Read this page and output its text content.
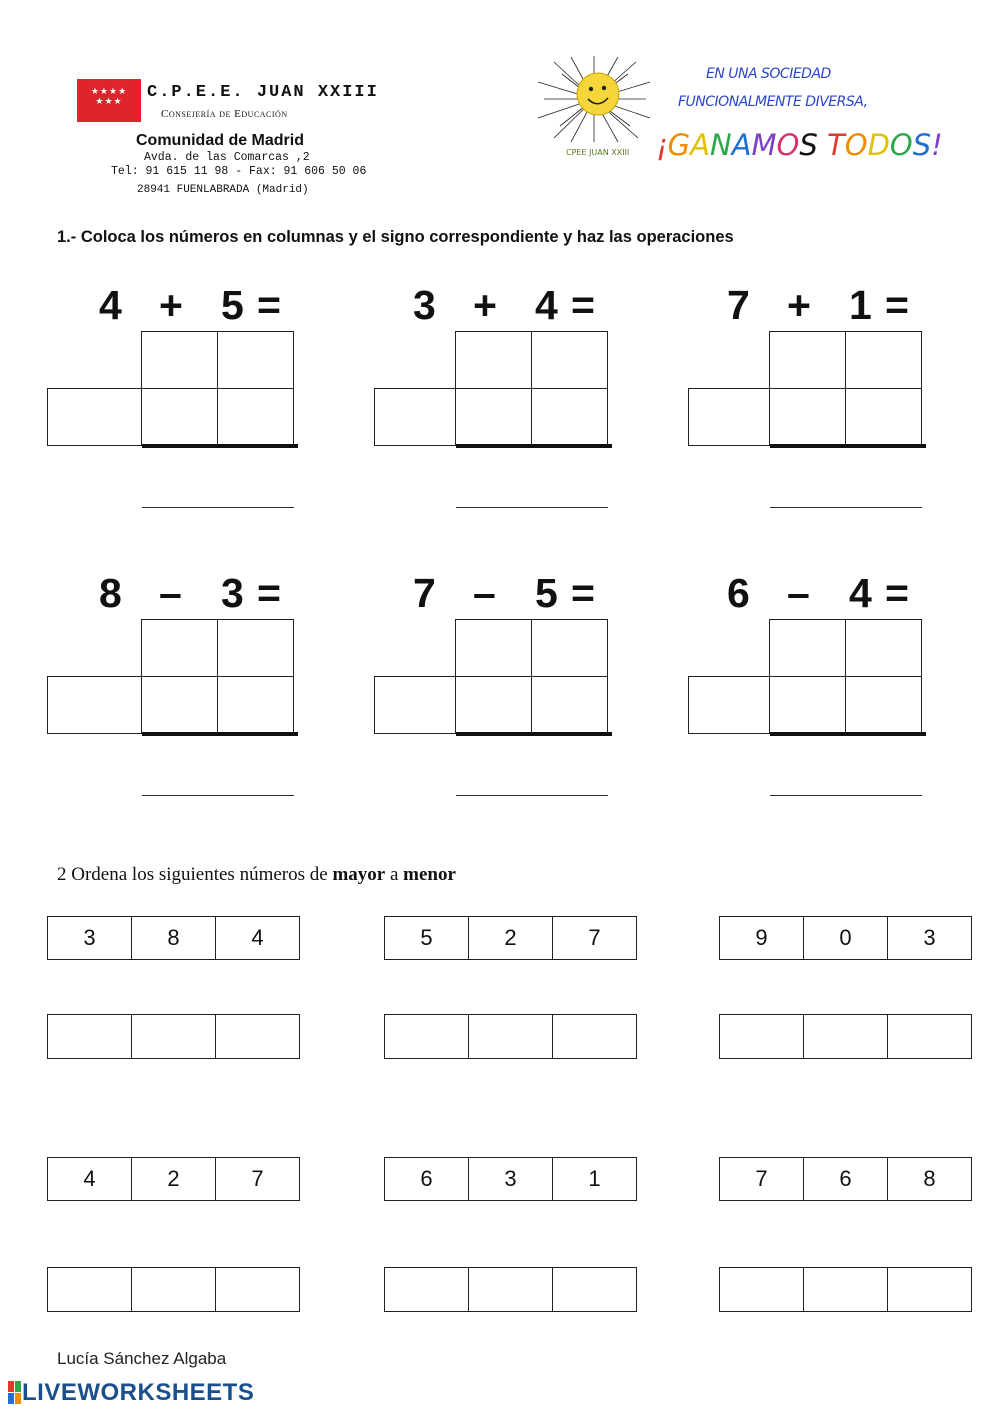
★★★★
★★★	C.P.E.E. JUAN XXIII
Consejería de Educación
Comunidad de Madrid
Avda. de las Comarcas ,2
Tel: 91 615 11 98 - Fax: 91 606 50 06
28941 FUENLABRADA (Madrid)
CPEE JUAN XXIII
EN UNA SOCIEDAD
FUNCIONALMENTE DIVERSA,
¡GANAMOS TODOS!
1.- Coloca los números en columnas y el signo correspondiente y haz las operaciones
4 + 5 =	3 + 4 =	7 + 1 =
8 – 3 =	7 – 5 =	6 – 4 =
2 Ordena los siguientes números de mayor a menor
3	8	4	5	2	7	9	0	3
4	2	7	6	3	1	7	6	8
Lucía Sánchez Algaba
LIVEWORKSHEETS
